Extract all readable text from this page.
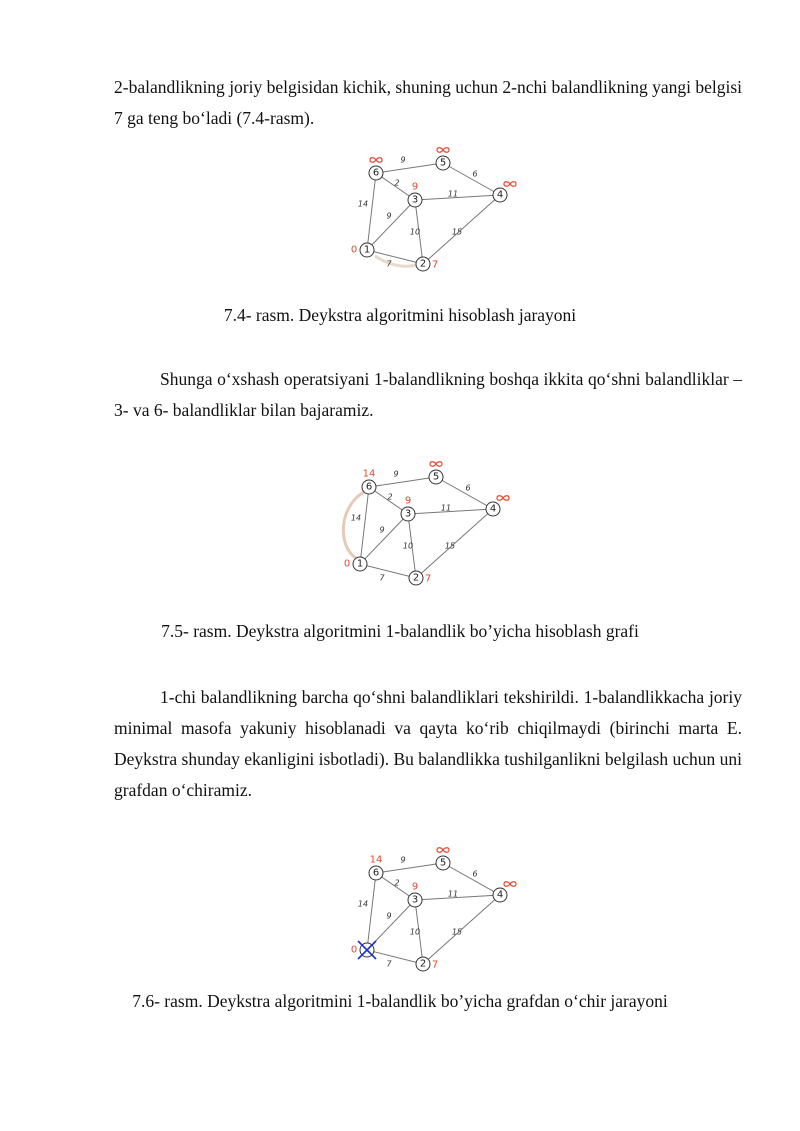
2-balandlikning joriy belgisidan kichik, shuning uchun 2-nchi balandlikning yangi belgisi 7 ga teng bo‘ladi (7.4-rasm).

7
9
14
10	15
11
2
6
9
1
0
2 7
3
9
4
5
6

7.4- rasm. Deykstra algoritmini hisoblash jarayoni

Shunga o‘xshash operatsiyani 1-balandlikning boshqa ikkita qo‘shni balandliklar – 3- va 6- balandliklar bilan bajaramiz.

7
9
14
10	15
11
2
6
9
1
0
2 7
3
9
4
5
6
14

7.5- rasm. Deykstra algoritmini 1-balandlik bo’yicha hisoblash grafi

1-chi balandlikning barcha qo‘shni balandliklari tekshirildi. 1-balandlikkacha joriy minimal masofa yakuniy hisoblanadi va qayta ko‘rib chiqilmaydi (birinchi marta E. Deykstra shunday ekanligini isbotladi). Bu balandlikka tushilganlikni belgilash uchun uni grafdan o‘chiramiz.

7
9
14
10	15
11
2
6
9
0
2 7
3
9
4
5
6
14

7.6- rasm. Deykstra algoritmini 1-balandlik bo’yicha grafdan o‘chir jarayoni
